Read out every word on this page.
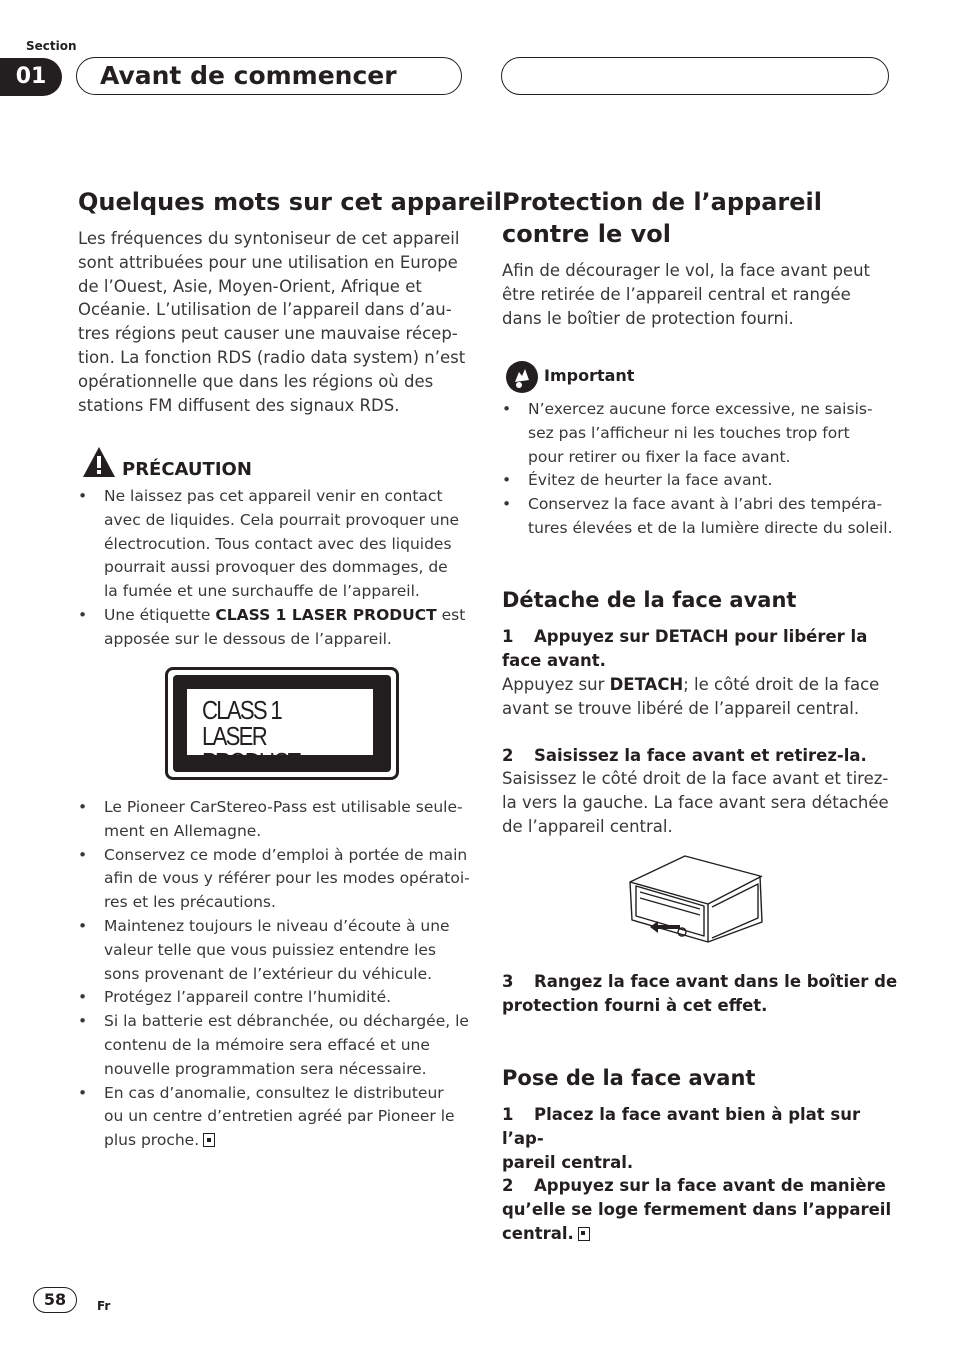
Section
01	Avant de commencer
Quelques mots sur cet appareil
Les fréquences du syntoniseur de cet appareil
sont attribuées pour une utilisation en Europe
de l’Ouest, Asie, Moyen-Orient, Afrique et
Océanie. L’utilisation de l’appareil dans d’au-
tres régions peut causer une mauvaise récep-
tion. La fonction RDS (radio data system) n’est
opérationnelle que dans les régions où des
stations FM diffusent des signaux RDS.
PRÉCAUTION
• Ne laissez pas cet appareil venir en contact
avec de liquides. Cela pourrait provoquer une
électrocution. Tous contact avec des liquides
pourrait aussi provoquer des dommages, de
la fumée et une surchauffe de l’appareil.
• Une étiquette CLASS 1 LASER PRODUCT est
apposée sur le dessous de l’appareil.
CLASS 1
LASER PRODUCT
• Le Pioneer CarStereo-Pass est utilisable seule-
ment en Allemagne.
• Conservez ce mode d’emploi à portée de main
afin de vous y référer pour les modes opératoi-
res et les précautions.
• Maintenez toujours le niveau d’écoute à une
valeur telle que vous puissiez entendre les
sons provenant de l’extérieur du véhicule.
• Protégez l’appareil contre l’humidité.
• Si la batterie est débranchée, ou déchargée, le
contenu de la mémoire sera effacé et une
nouvelle programmation sera nécessaire.
• En cas d’anomalie, consultez le distributeur
ou un centre d’entretien agréé par Pioneer le
plus proche.
Protection de l’appareil
contre le vol
Afin de décourager le vol, la face avant peut
être retirée de l’appareil central et rangée
dans le boîtier de protection fourni.
Important
• N’exercez aucune force excessive, ne saisis-
sez pas l’afficheur ni les touches trop fort
pour retirer ou fixer la face avant.
• Évitez de heurter la face avant.
• Conservez la face avant à l’abri des tempéra-
tures élevées et de la lumière directe du soleil.
Détache de la face avant
1 Appuyez sur DETACH pour libérer la
face avant.
Appuyez sur DETACH; le côté droit de la face
avant se trouve libéré de l’appareil central.
2 Saisissez la face avant et retirez-la.
Saisissez le côté droit de la face avant et tirez-
la vers la gauche. La face avant sera détachée
de l’appareil central.
3 Rangez la face avant dans le boîtier de
protection fourni à cet effet.
Pose de la face avant
1 Placez la face avant bien à plat sur l’ap-
pareil central.
2 Appuyez sur la face avant de manière
qu’elle se loge fermement dans l’appareil
central.
58	Fr
